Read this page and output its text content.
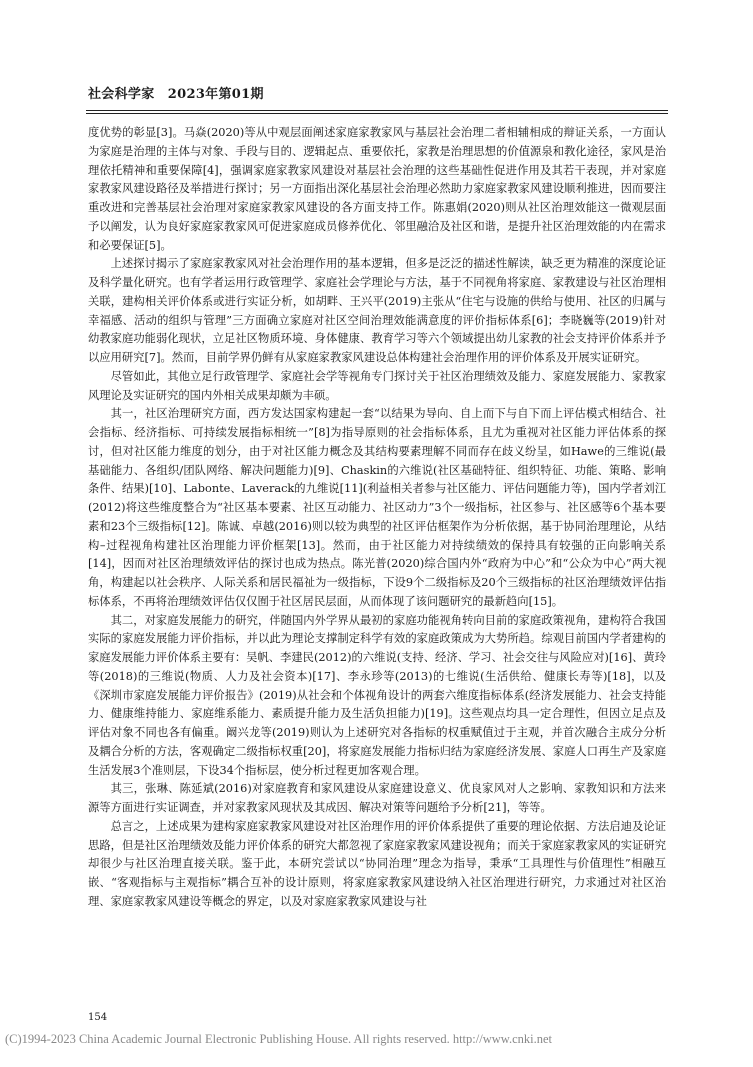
社会科学家　2023年第01期

度优势的彰显[3]。马焱(2020)等从中观层面阐述家庭家教家风与基层社会治理二者相辅相成的辩证关系，一方面认为家庭是治理的主体与对象、手段与目的、逻辑起点、重要依托，家教是治理思想的价值源泉和教化途径，家风是治理依托精神和重要保障[4]，强调家庭家教家风建设对基层社会治理的这些基础性促进作用及其若干表现，并对家庭家教家风建设路径及举措进行探讨；另一方面指出深化基层社会治理必然助力家庭家教家风建设顺利推进，因而要注重改进和完善基层社会治理对家庭家教家风建设的各方面支持工作。陈惠娟(2020)则从社区治理效能这一微观层面予以阐发，认为良好家庭家教家风可促进家庭成员修养优化、邻里融洽及社区和谐，是提升社区治理效能的内在需求和必要保证[5]。

上述探讨揭示了家庭家教家风对社会治理作用的基本逻辑，但多是泛泛的描述性解读，缺乏更为精准的深度论证及科学量化研究。也有学者运用行政管理学、家庭社会学理论与方法，基于不同视角将家庭、家教建设与社区治理相关联，建构相关评价体系或进行实证分析，如胡畔、王兴平(2019)主张从“住宅与设施的供给与使用、社区的归属与幸福感、活动的组织与管理”三方面确立家庭对社区空间治理效能满意度的评价指标体系[6]；李晓巍等(2019)针对幼教家庭功能弱化现状，立足社区物质环境、身体健康、教育学习等六个领域提出幼儿家教的社会支持评价体系并予以应用研究[7]。然而，目前学界仍鲜有从家庭家教家风建设总体构建社会治理作用的评价体系及开展实证研究。

尽管如此，其他立足行政管理学、家庭社会学等视角专门探讨关于社区治理绩效及能力、家庭发展能力、家教家风理论及实证研究的国内外相关成果却颇为丰硕。

其一，社区治理研究方面，西方发达国家构建起一套“以结果为导向、自上而下与自下而上评估模式相结合、社会指标、经济指标、可持续发展指标相统一”[8]为指导原则的社会指标体系，且尤为重视对社区能力评估体系的探讨，但对社区能力维度的划分，由于对社区能力概念及其结构要素理解不同而存在歧义纷呈，如Hawe的三维说(最基础能力、各组织/团队网络、解决问题能力)[9]、Chaskin的六维说(社区基础特征、组织特征、功能、策略、影响条件、结果)[10]、Labonte、Laverack的九维说[11](利益相关者参与社区能力、评估问题能力等)，国内学者刘江(2012)将这些维度整合为“社区基本要素、社区互动能力、社区动力”3个一级指标，社区参与、社区感等6个基本要素和23个三级指标[12]。陈诚、卓越(2016)则以较为典型的社区评估框架作为分析依据，基于协同治理理论，从结构–过程视角构建社区治理能力评价框架[13]。然而，由于社区能力对持续绩效的保持具有较强的正向影响关系[14]，因而对社区治理绩效评估的探讨也成为热点。陈光普(2020)综合国内外“政府为中心”和“公众为中心”两大视角，构建起以社会秩序、人际关系和居民福祉为一级指标，下设9个二级指标及20个三级指标的社区治理绩效评估指标体系，不再将治理绩效评估仅仅囿于社区居民层面，从而体现了该问题研究的最新趋向[15]。

其二，对家庭发展能力的研究，伴随国内外学界从最初的家庭功能视角转向目前的家庭政策视角，建构符合我国实际的家庭发展能力评价指标，并以此为理论支撑制定科学有效的家庭政策成为大势所趋。综观目前国内学者建构的家庭发展能力评价体系主要有：吴帆、李建民(2012)的六维说(支持、经济、学习、社会交往与风险应对)[16]、黄玲等(2018)的三维说(物质、人力及社会资本)[17]、李永珍等(2013)的七维说(生活供给、健康长寿等)[18]，以及《深圳市家庭发展能力评价报告》(2019)从社会和个体视角设计的两套六维度指标体系(经济发展能力、社会支持能力、健康维持能力、家庭维系能力、素质提升能力及生活负担能力)[19]。这些观点均具一定合理性，但因立足点及评估对象不同也各有偏重。阚兴龙等(2019)则认为上述研究对各指标的权重赋值过于主观，并首次融合主成分分析及耦合分析的方法，客观确定二级指标权重[20]，将家庭发展能力指标归结为家庭经济发展、家庭人口再生产及家庭生活发展3个准则层，下设34个指标层，使分析过程更加客观合理。

其三，张琳、陈延斌(2016)对家庭教育和家风建设从家庭建设意义、优良家风对人之影响、家教知识和方法来源等方面进行实证调查，并对家教家风现状及其成因、解决对策等问题给予分析[21]，等等。

总言之，上述成果为建构家庭家教家风建设对社区治理作用的评价体系提供了重要的理论依据、方法启迪及论证思路，但是社区治理绩效及能力评价体系的研究大都忽视了家庭家教家风建设视角；而关于家庭家教家风的实证研究却很少与社区治理直接关联。鉴于此，本研究尝试以“协同治理”理念为指导，秉承“工具理性与价值理性”相融互嵌、“客观指标与主观指标”耦合互补的设计原则，将家庭家教家风建设纳入社区治理进行研究，力求通过对社区治理、家庭家教家风建设等概念的界定，以及对家庭家教家风建设与社

154
(C)1994-2023 China Academic Journal Electronic Publishing House. All rights reserved. http://www.cnki.net
